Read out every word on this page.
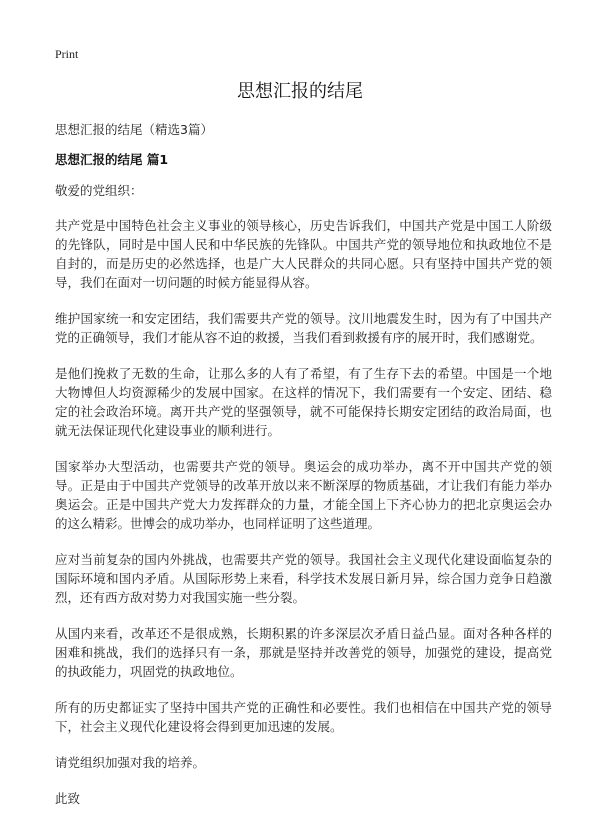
Print
思想汇报的结尾
思想汇报的结尾（精选3篇）
思想汇报的结尾 篇1

敬爱的党组织：

共产党是中国特色社会主义事业的领导核心，历史告诉我们，中国共产党是中国工人阶级的先锋队，同时是中国人民和中华民族的先锋队。中国共产党的领导地位和执政地位不是自封的，而是历史的必然选择，也是广大人民群众的共同心愿。只有坚持中国共产党的领导，我们在面对一切问题的时候方能显得从容。

维护国家统一和安定团结，我们需要共产党的领导。汶川地震发生时，因为有了中国共产党的正确领导，我们才能从容不迫的救援，当我们看到救援有序的展开时，我们感谢党。

是他们挽救了无数的生命，让那么多的人有了希望，有了生存下去的希望。中国是一个地大物博但人均资源稀少的发展中国家。在这样的情况下，我们需要有一个安定、团结、稳定的社会政治环境。离开共产党的坚强领导，就不可能保持长期安定团结的政治局面，也就无法保证现代化建设事业的顺利进行。

国家举办大型活动，也需要共产党的领导。奥运会的成功举办，离不开中国共产党的领导。正是由于中国共产党领导的改革开放以来不断深厚的物质基础，才让我们有能力举办奥运会。正是中国共产党大力发挥群众的力量，才能全国上下齐心协力的把北京奥运会办的这么精彩。世博会的成功举办，也同样证明了这些道理。

应对当前复杂的国内外挑战，也需要共产党的领导。我国社会主义现代化建设面临复杂的国际环境和国内矛盾。从国际形势上来看，科学技术发展日新月异，综合国力竞争日趋激烈，还有西方敌对势力对我国实施一些分裂。

从国内来看，改革还不是很成熟，长期积累的许多深层次矛盾日益凸显。面对各种各样的困难和挑战，我们的选择只有一条，那就是坚持并改善党的领导，加强党的建设，提高党的执政能力，巩固党的执政地位。

所有的历史都证实了坚持中国共产党的正确性和必要性。我们也相信在中国共产党的领导下，社会主义现代化建设将会得到更加迅速的发展。

请党组织加强对我的培养。

此致
